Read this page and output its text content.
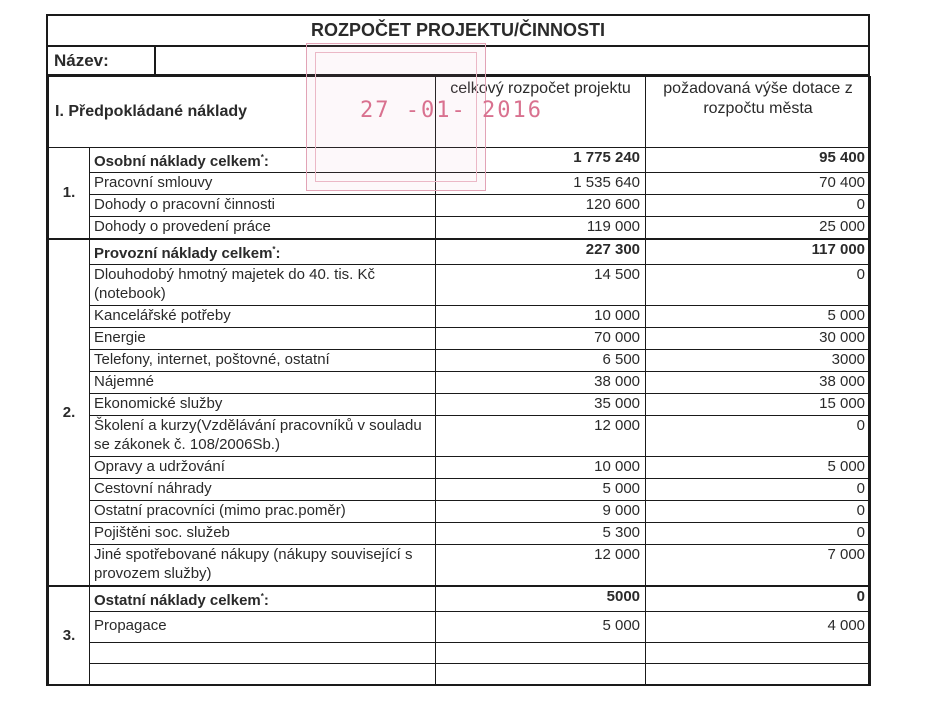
ROZPOČET PROJEKTU/ČINNOSTI
Název:
I. Předpokládané náklady		celkový rozpočet projektu	požadovaná výše dotace z rozpočtu města
1.	Osobní náklady celkem*:	1 775 240	95 400
	Pracovní smlouvy	1 535 640	70 400
	Dohody o pracovní činnosti	120 600	0
	Dohody o provedení práce	119 000	25 000
2.	Provozní náklady celkem*:	227 300	117 000
	Dlouhodobý hmotný majetek do 40. tis. Kč (notebook)	14 500	0
	Kancelářské potřeby	10 000	5 000
	Energie	70 000	30 000
	Telefony, internet, poštovné, ostatní	6 500	3000
	Nájemné	38 000	38 000
	Ekonomické služby	35 000	15 000
	Školení a kurzy(Vzdělávání pracovníků v souladu se zákonek č. 108/2006Sb.)	12 000	0
	Opravy a udržování	10 000	5 000
	Cestovní náhrady	5 000	0
	Ostatní pracovníci (mimo prac.poměr)	9 000	0
	Pojištěni soc. služeb	5 300	0
	Jiné spotřebované nákupy (nákupy související s provozem služby)	12 000	7 000
3.	Ostatní náklady celkem*:	5000	0
	Propagace	5 000	4 000

27 -01- 2016
